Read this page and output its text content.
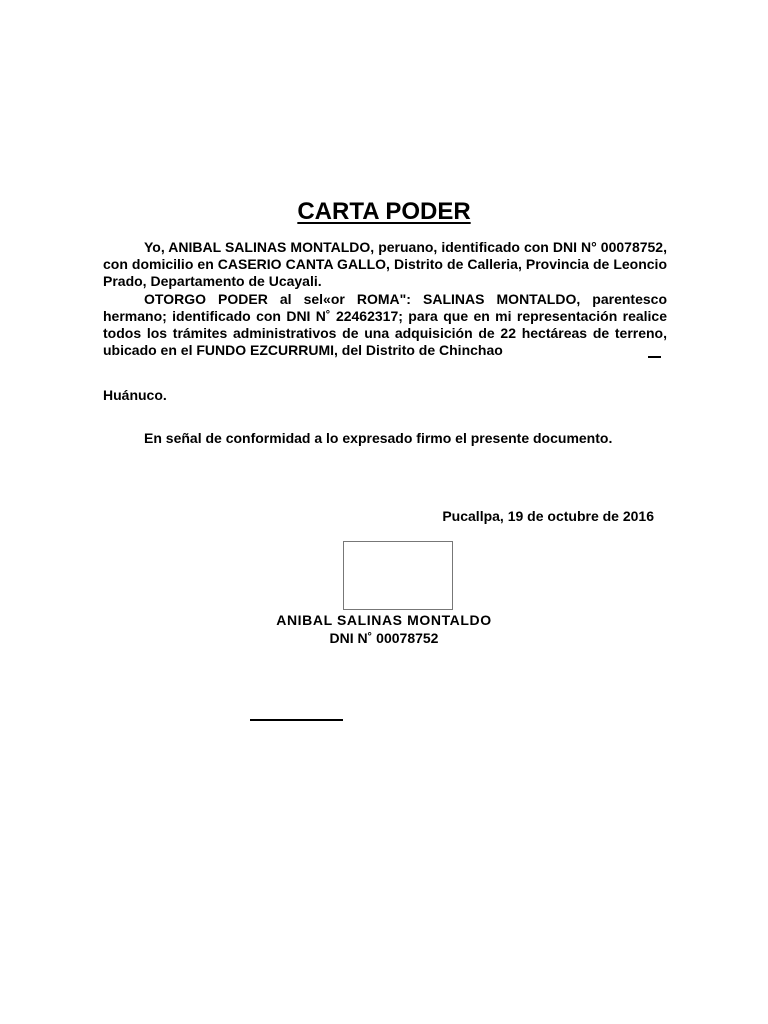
CARTA PODER
Yo, ANIBAL SALINAS MONTALDO, peruano, identificado con DNI N° 00078752, con domicilio en CASERIO CANTA GALLO, Distrito de Calleria, Provincia de Leoncio Prado, Departamento de Ucayali.
OTORGO PODER al sel«or ROMA": SALINAS MONTALDO, parentesco hermano; identificado con DNI N˚ 22462317; para que en mi representación realice todos los trámites administrativos de una adquisición de 22 hectáreas de terreno, ubicado en el FUNDO EZCURRUMI, del Distrito de Chinchao
Huánuco.
En señal de conformidad a lo expresado firmo el presente documento.
Pucallpa, 19 de octubre de 2016
ANIBAL SALINAS MONTALDO
DNI N˚ 00078752
